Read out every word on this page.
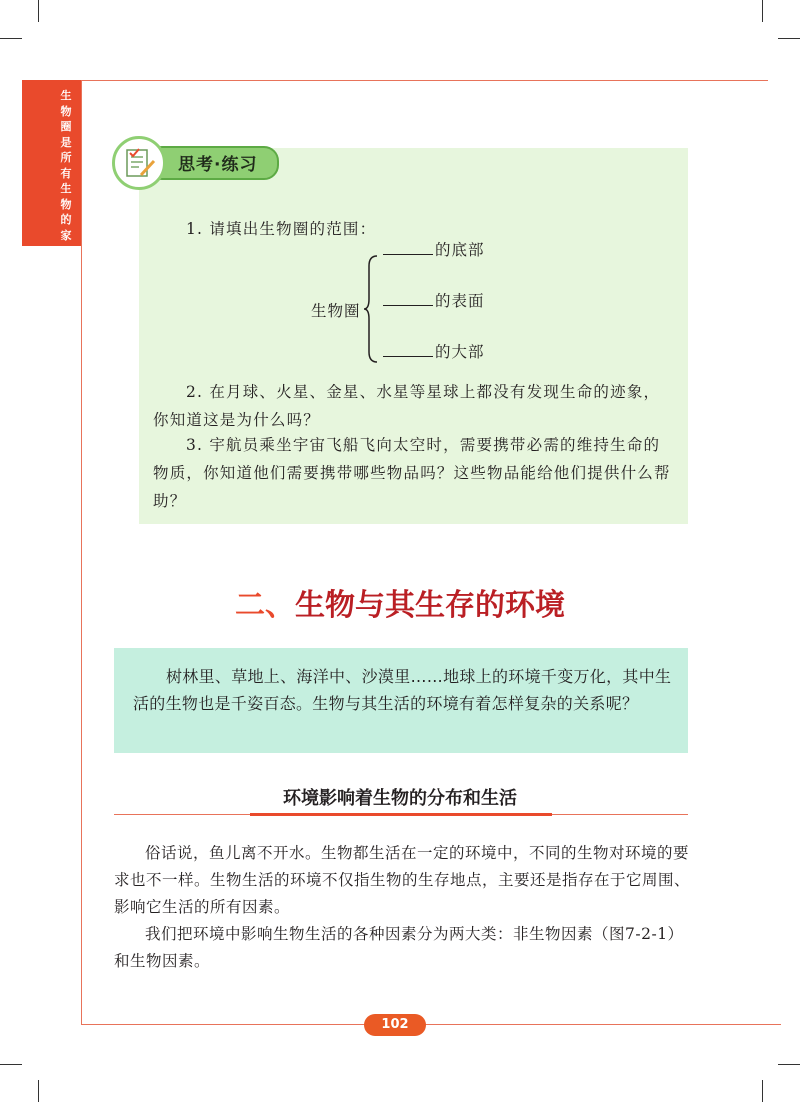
生物圈是所有生物的家
思考·练习
1. 请填出生物圈的范围：
生物圈
的底部
的表面
的大部
2. 在月球、火星、金星、水星等星球上都没有发现生命的迹象，你知道这是为什么吗？
3. 宇航员乘坐宇宙飞船飞向太空时，需要携带必需的维持生命的物质，你知道他们需要携带哪些物品吗？这些物品能给他们提供什么帮助？
二、生物与其生存的环境
树林里、草地上、海洋中、沙漠里……地球上的环境千变万化，其中生活的生物也是千姿百态。生物与其生活的环境有着怎样复杂的关系呢？
环境影响着生物的分布和生活
俗话说，鱼儿离不开水。生物都生活在一定的环境中，不同的生物对环境的要求也不一样。生物生活的环境不仅指生物的生存地点，主要还是指存在于它周围、影响它生活的所有因素。
我们把环境中影响生物生活的各种因素分为两大类：非生物因素（图7-2-1）和生物因素。
102
